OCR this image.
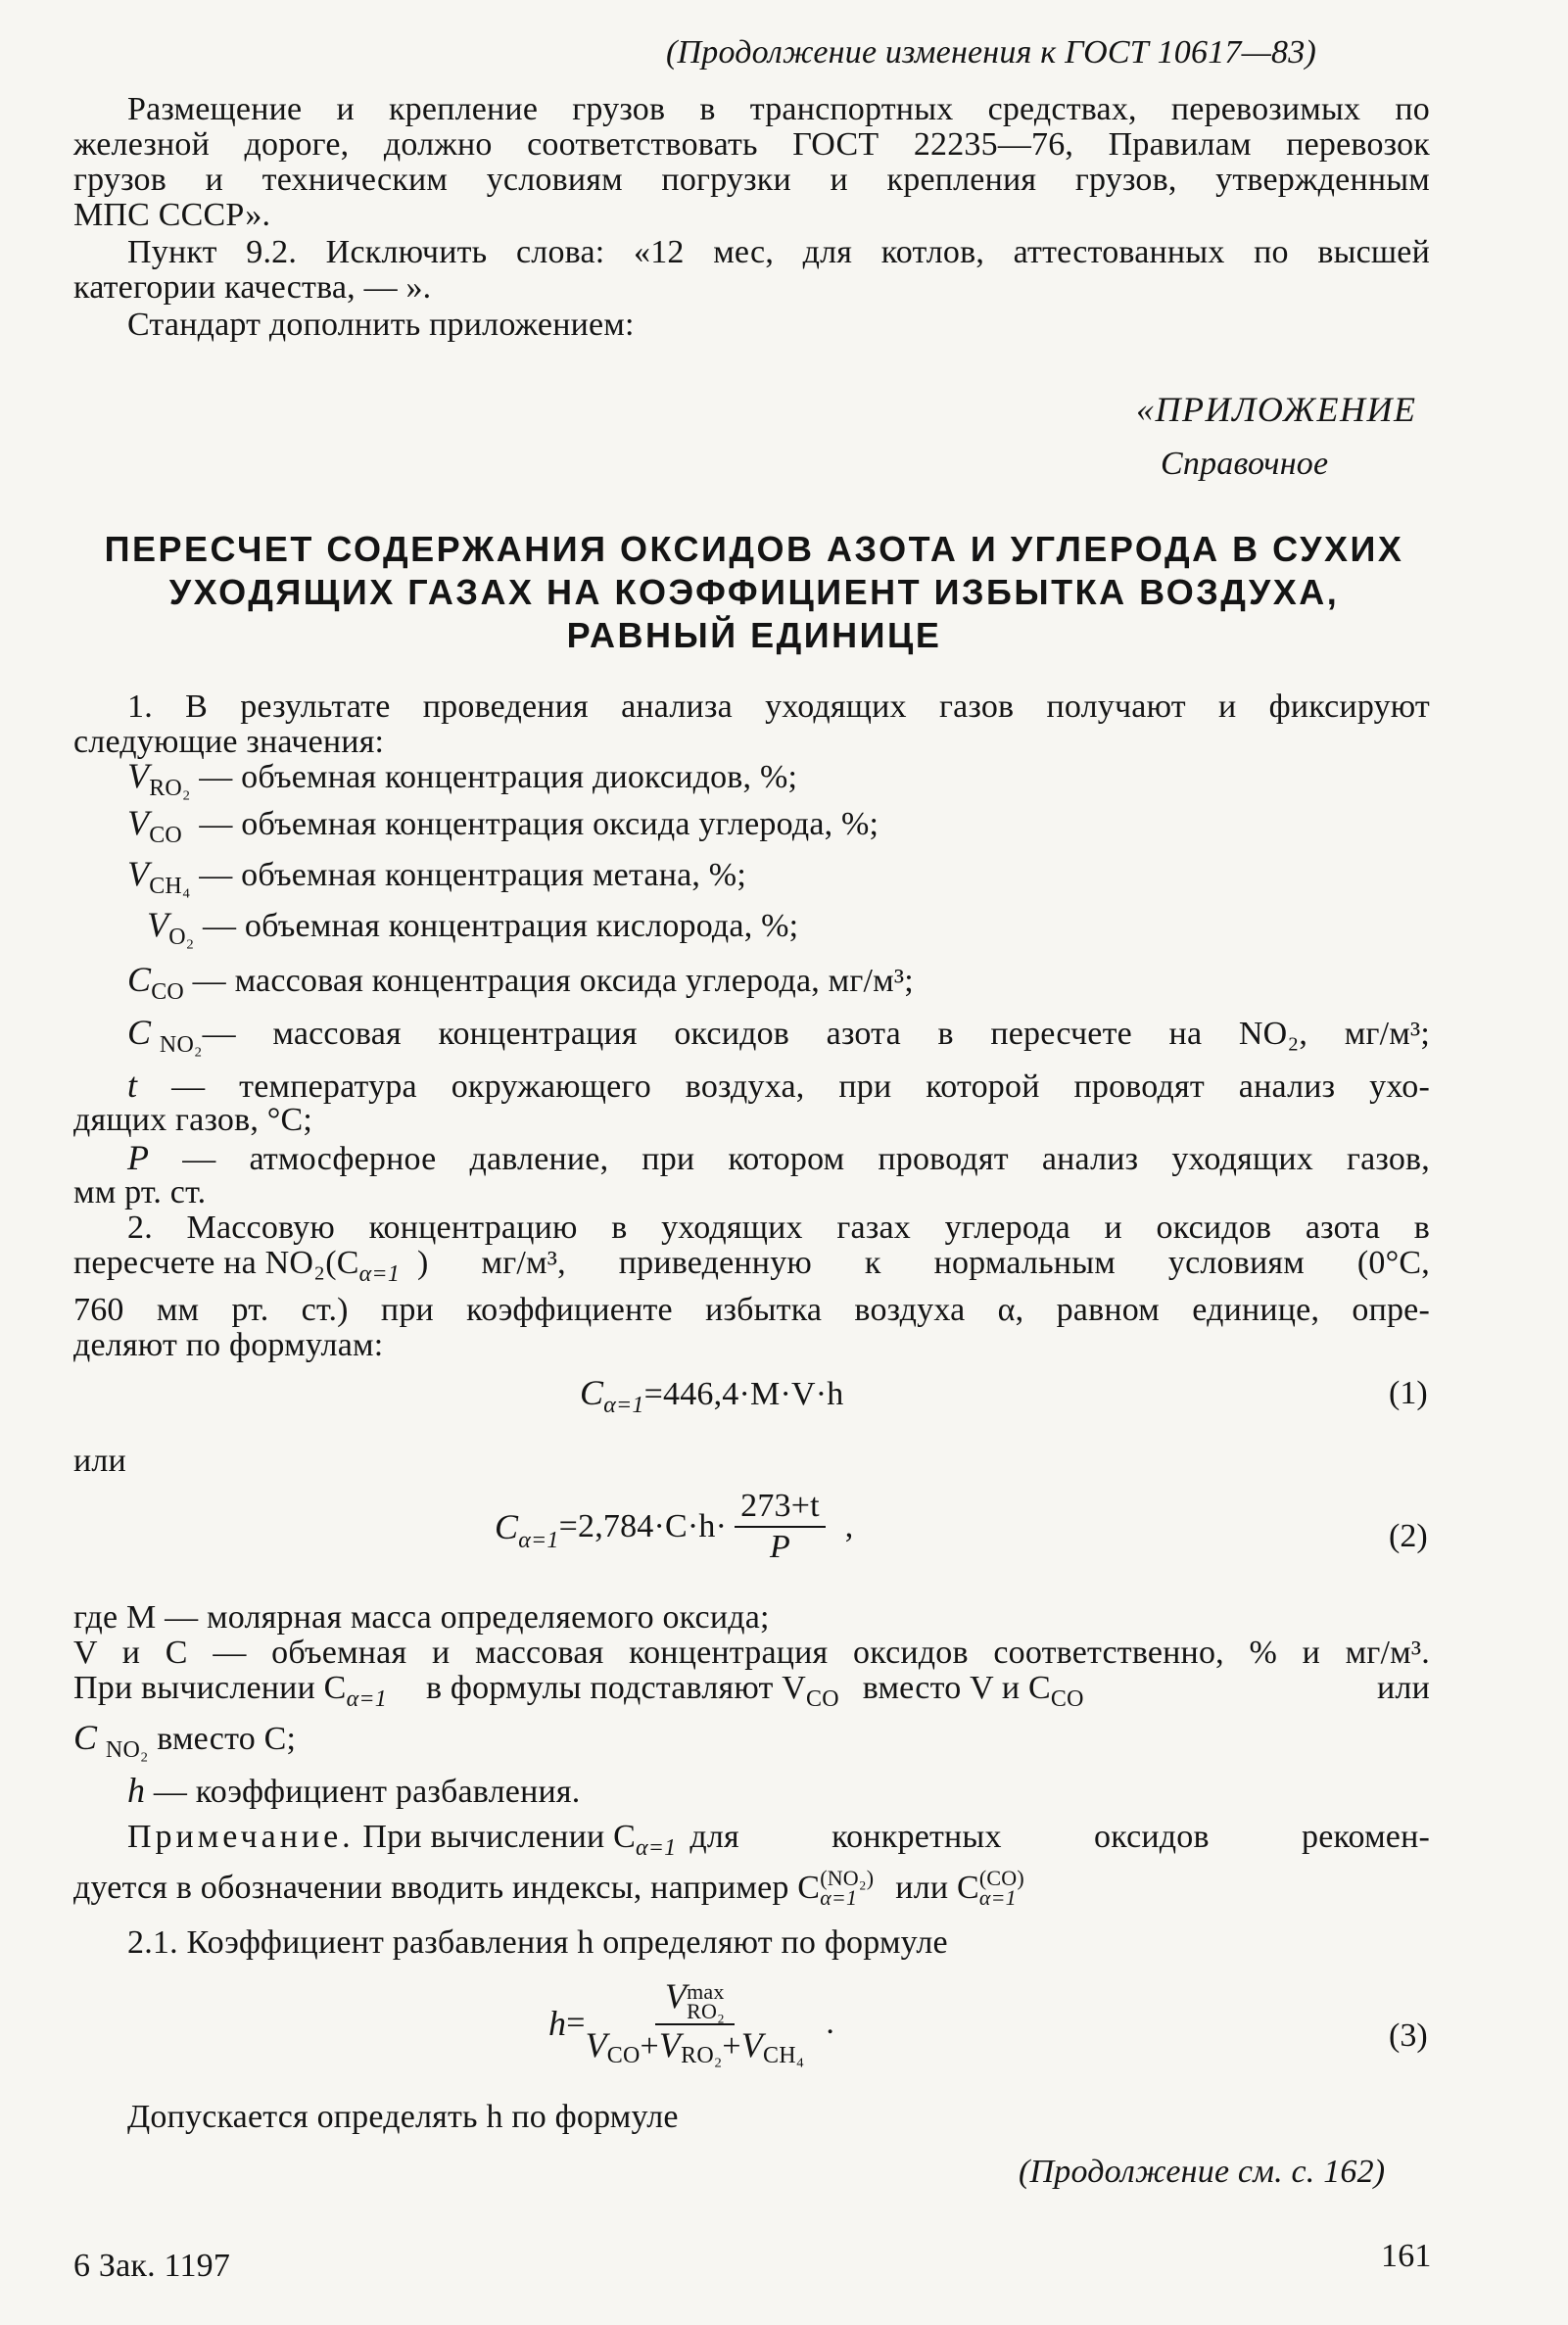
(Продолжение изменения к ГОСТ 10617—83)
Размещение и крепление грузов в транспортных средствах, перевозимых по
железной дороге, должно соответствовать ГОСТ 22235—76, Правилам перевозок
грузов и техническим условиям погрузки и крепления грузов, утвержденным
МПС СССР».
Пункт 9.2. Исключить слова: «12 мес, для котлов, аттестованных по высшей
категории качества, — ».
Стандарт дополнить приложением:
«ПРИЛОЖЕНИЕ
Справочное
ПЕРЕСЧЕТ СОДЕРЖАНИЯ ОКСИДОВ АЗОТА И УГЛЕРОДА В СУХИХ
УХОДЯЩИХ ГАЗАХ НА КОЭФФИЦИЕНТ ИЗБЫТКА ВОЗДУХА,
РАВНЫЙ ЕДИНИЦЕ
1. В результате проведения анализа уходящих газов получают и фиксируют
следующие значения:
V RO₂
— объемная концентрация диоксидов, %;
V CO
— объемная концентрация оксида углерода, %;
V CH₄
— объемная концентрация метана, %;
V O₂
— объемная концентрация кислорода, %;
C CO
— массовая концентрация оксида углерода, мг/м³;
C
NO₂ — массовая концентрация оксидов азота в пересчете на NO₂, мг/м³;
t — температура окружающего воздуха, при которой проводят анализ ухо-
дящих газов, °С;
P — атмосферное давление, при котором проводят анализ уходящих газов,
мм рт. ст.
2. Массовую концентрацию в уходящих газах углерода и оксидов азота в
пересчете на NO₂(C α=1 ) мг/м³, приведенную к нормальным условиям (0°С,
760 мм рт. ст.) при коэффициенте избытка воздуха α, равном единице, опре-
деляют по формулам:
C α=1 =446,4·M·V·h	(1)
или
C $\alpha=1 =2,784\cdot C\cdot h\cdot \frac{273+t}{P}$ ,	(2)
где M — молярная масса определяемого оксида;
V и C — объемная и массовая концентрация оксидов соответственно, % и мг/м³.
При вычислении C α=1 в формулы подставляют V CO вместо V и C CO	или
C
NO₂
вместо C;
h — коэффициент разбавления.
Примечание.
При вычислении C α=1 для конкретных оксидов рекомен-
дуется в обозначении вводить индексы, например C (NO₂)
α=1	или C (CO)
α=1
2.1. Коэффициент разбавления h определяют по формуле
h = V max
RO₂
VCO+VRO₂+VCH₄ .	(3)
Допускается определять h по формуле
(Продолжение см. с. 162)
6 Зак. 1197	161
